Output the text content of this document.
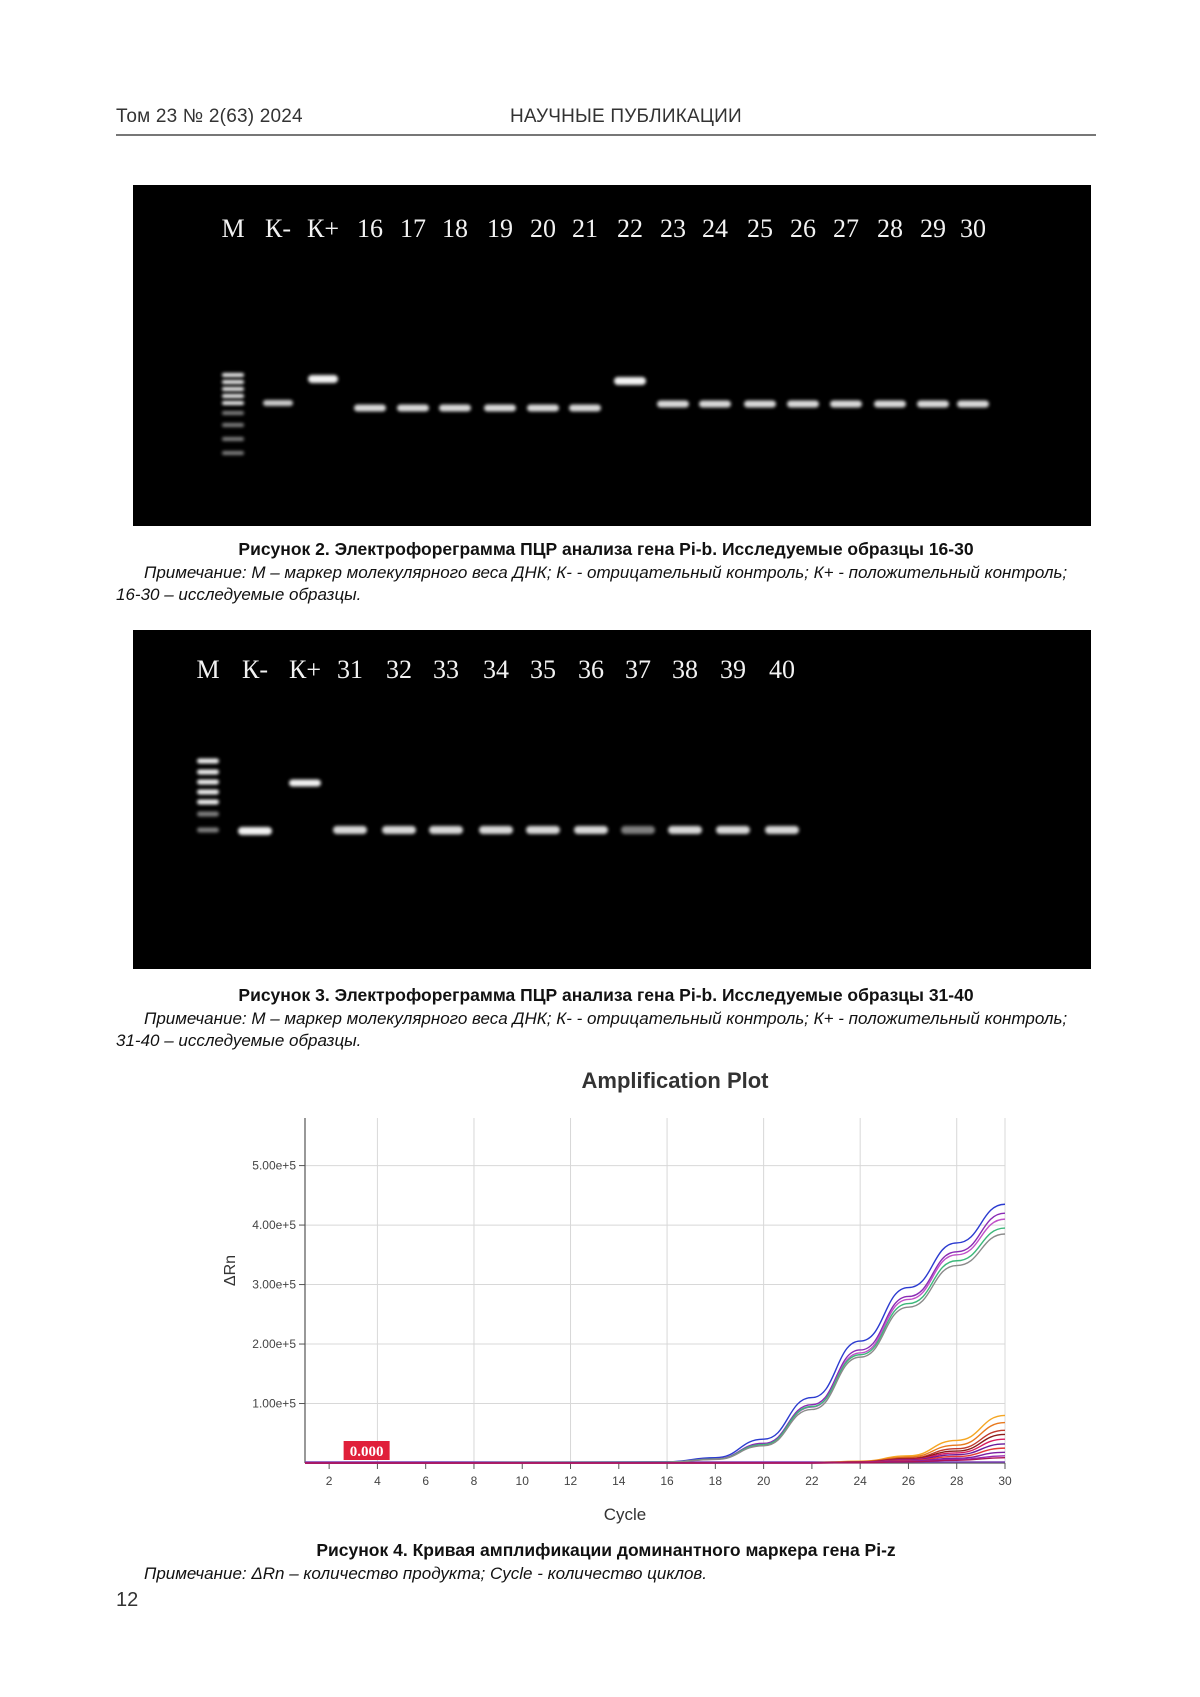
Том 23 № 2(63) 2024	НАУЧНЫЕ ПУБЛИКАЦИИ
M К- К+ 16 17 18 19 20 21 22 23 24 25 26 27 28 29 30
Рисунок 2. Электрофореграмма ПЦР анализа гена Pi-b. Исследуемые образцы 16-30
Примечание: М – маркер молекулярного веса ДНК; К- - отрицательный контроль; К+ - положительный контроль; 16-30 – исследуемые образцы.
M К- К+ 31 32 33 34 35 36 37 38 39 40
Рисунок 3. Электрофореграмма ПЦР анализа гена Pi-b. Исследуемые образцы 31-40
Примечание: М – маркер молекулярного веса ДНК; К- - отрицательный контроль; К+ - положительный контроль; 31-40 – исследуемые образцы.
Amplification Plot
1.00e+5
2.00e+5
3.00e+5
4.00e+5
5.00e+5
2	4	6	8	10	12	14	16	18	20	22	24	26	28	30
Cycle
ΔRn
0.000
Рисунок 4. Кривая амплификации доминантного маркера гена Pi-z
Примечание: ΔRn – количество продукта; Cycle - количество циклов.
12
